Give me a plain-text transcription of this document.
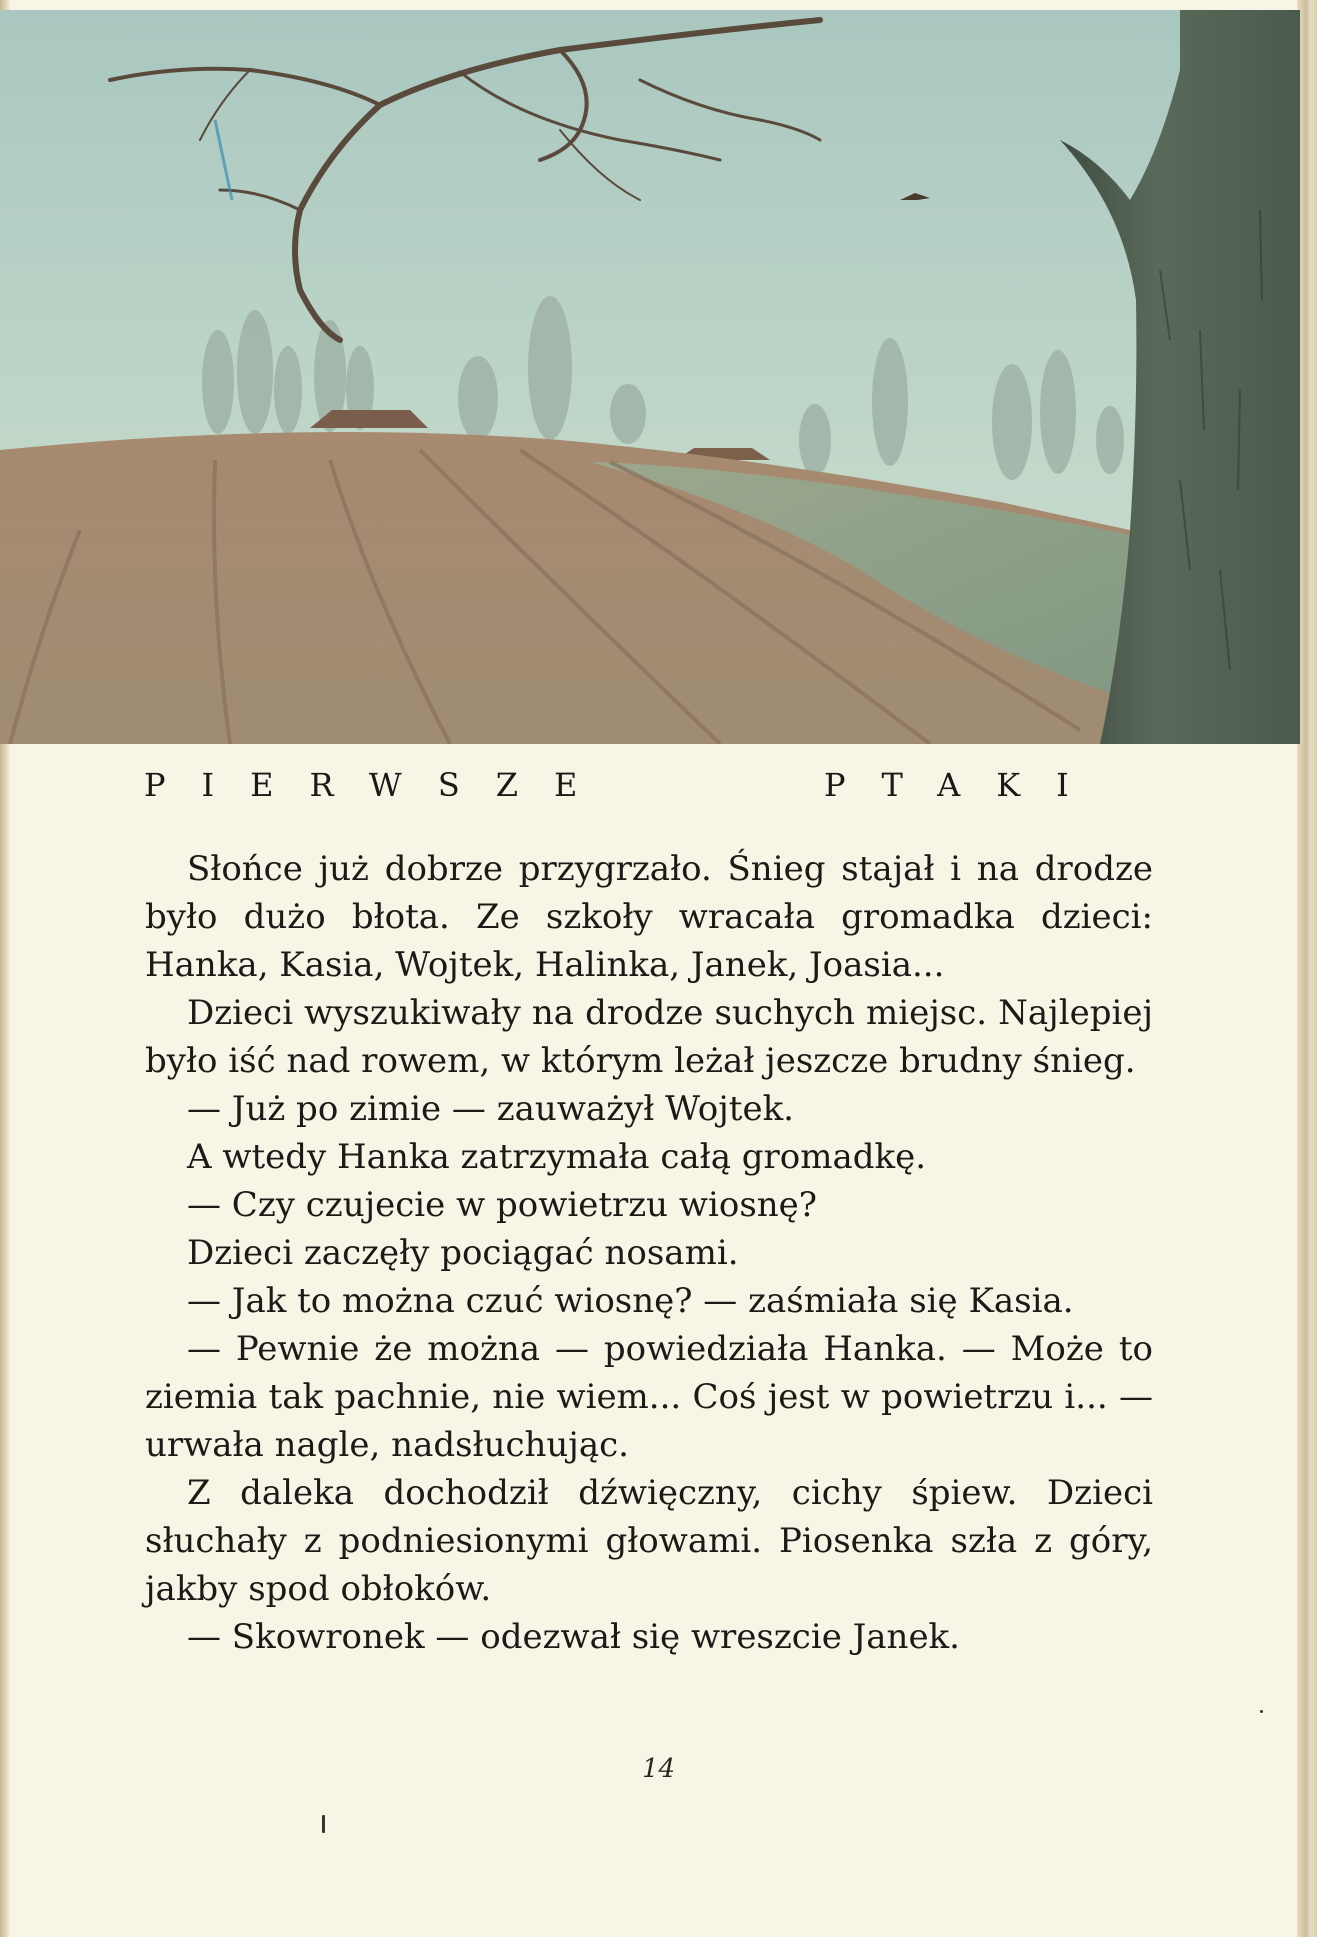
PIERWSZE	PTAKI

Słońce już dobrze przygrzało. Śnieg stajał i na drodze było dużo błota. Ze szkoły wracała gromadka dzieci: Hanka, Kasia, Wojtek, Halinka, Janek, Joasia...

Dzieci wyszukiwały na drodze suchych miejsc. Najlepiej było iść nad rowem, w którym leżał jeszcze brudny śnieg.

— Już po zimie — zauważył Wojtek.

A wtedy Hanka zatrzymała całą gromadkę.

— Czy czujecie w powietrzu wiosnę?

Dzieci zaczęły pociągać nosami.

— Jak to można czuć wiosnę? — zaśmiała się Kasia.

— Pewnie że można — powiedziała Hanka. — Może to ziemia tak pachnie, nie wiem... Coś jest w powietrzu i... — urwała nagle, nadsłuchując.

Z daleka dochodził dźwięczny, cichy śpiew. Dzieci słuchały z podniesionymi głowami. Piosenka szła z góry, jakby spod obłoków.

— Skowronek — odezwał się wreszcie Janek.

14
